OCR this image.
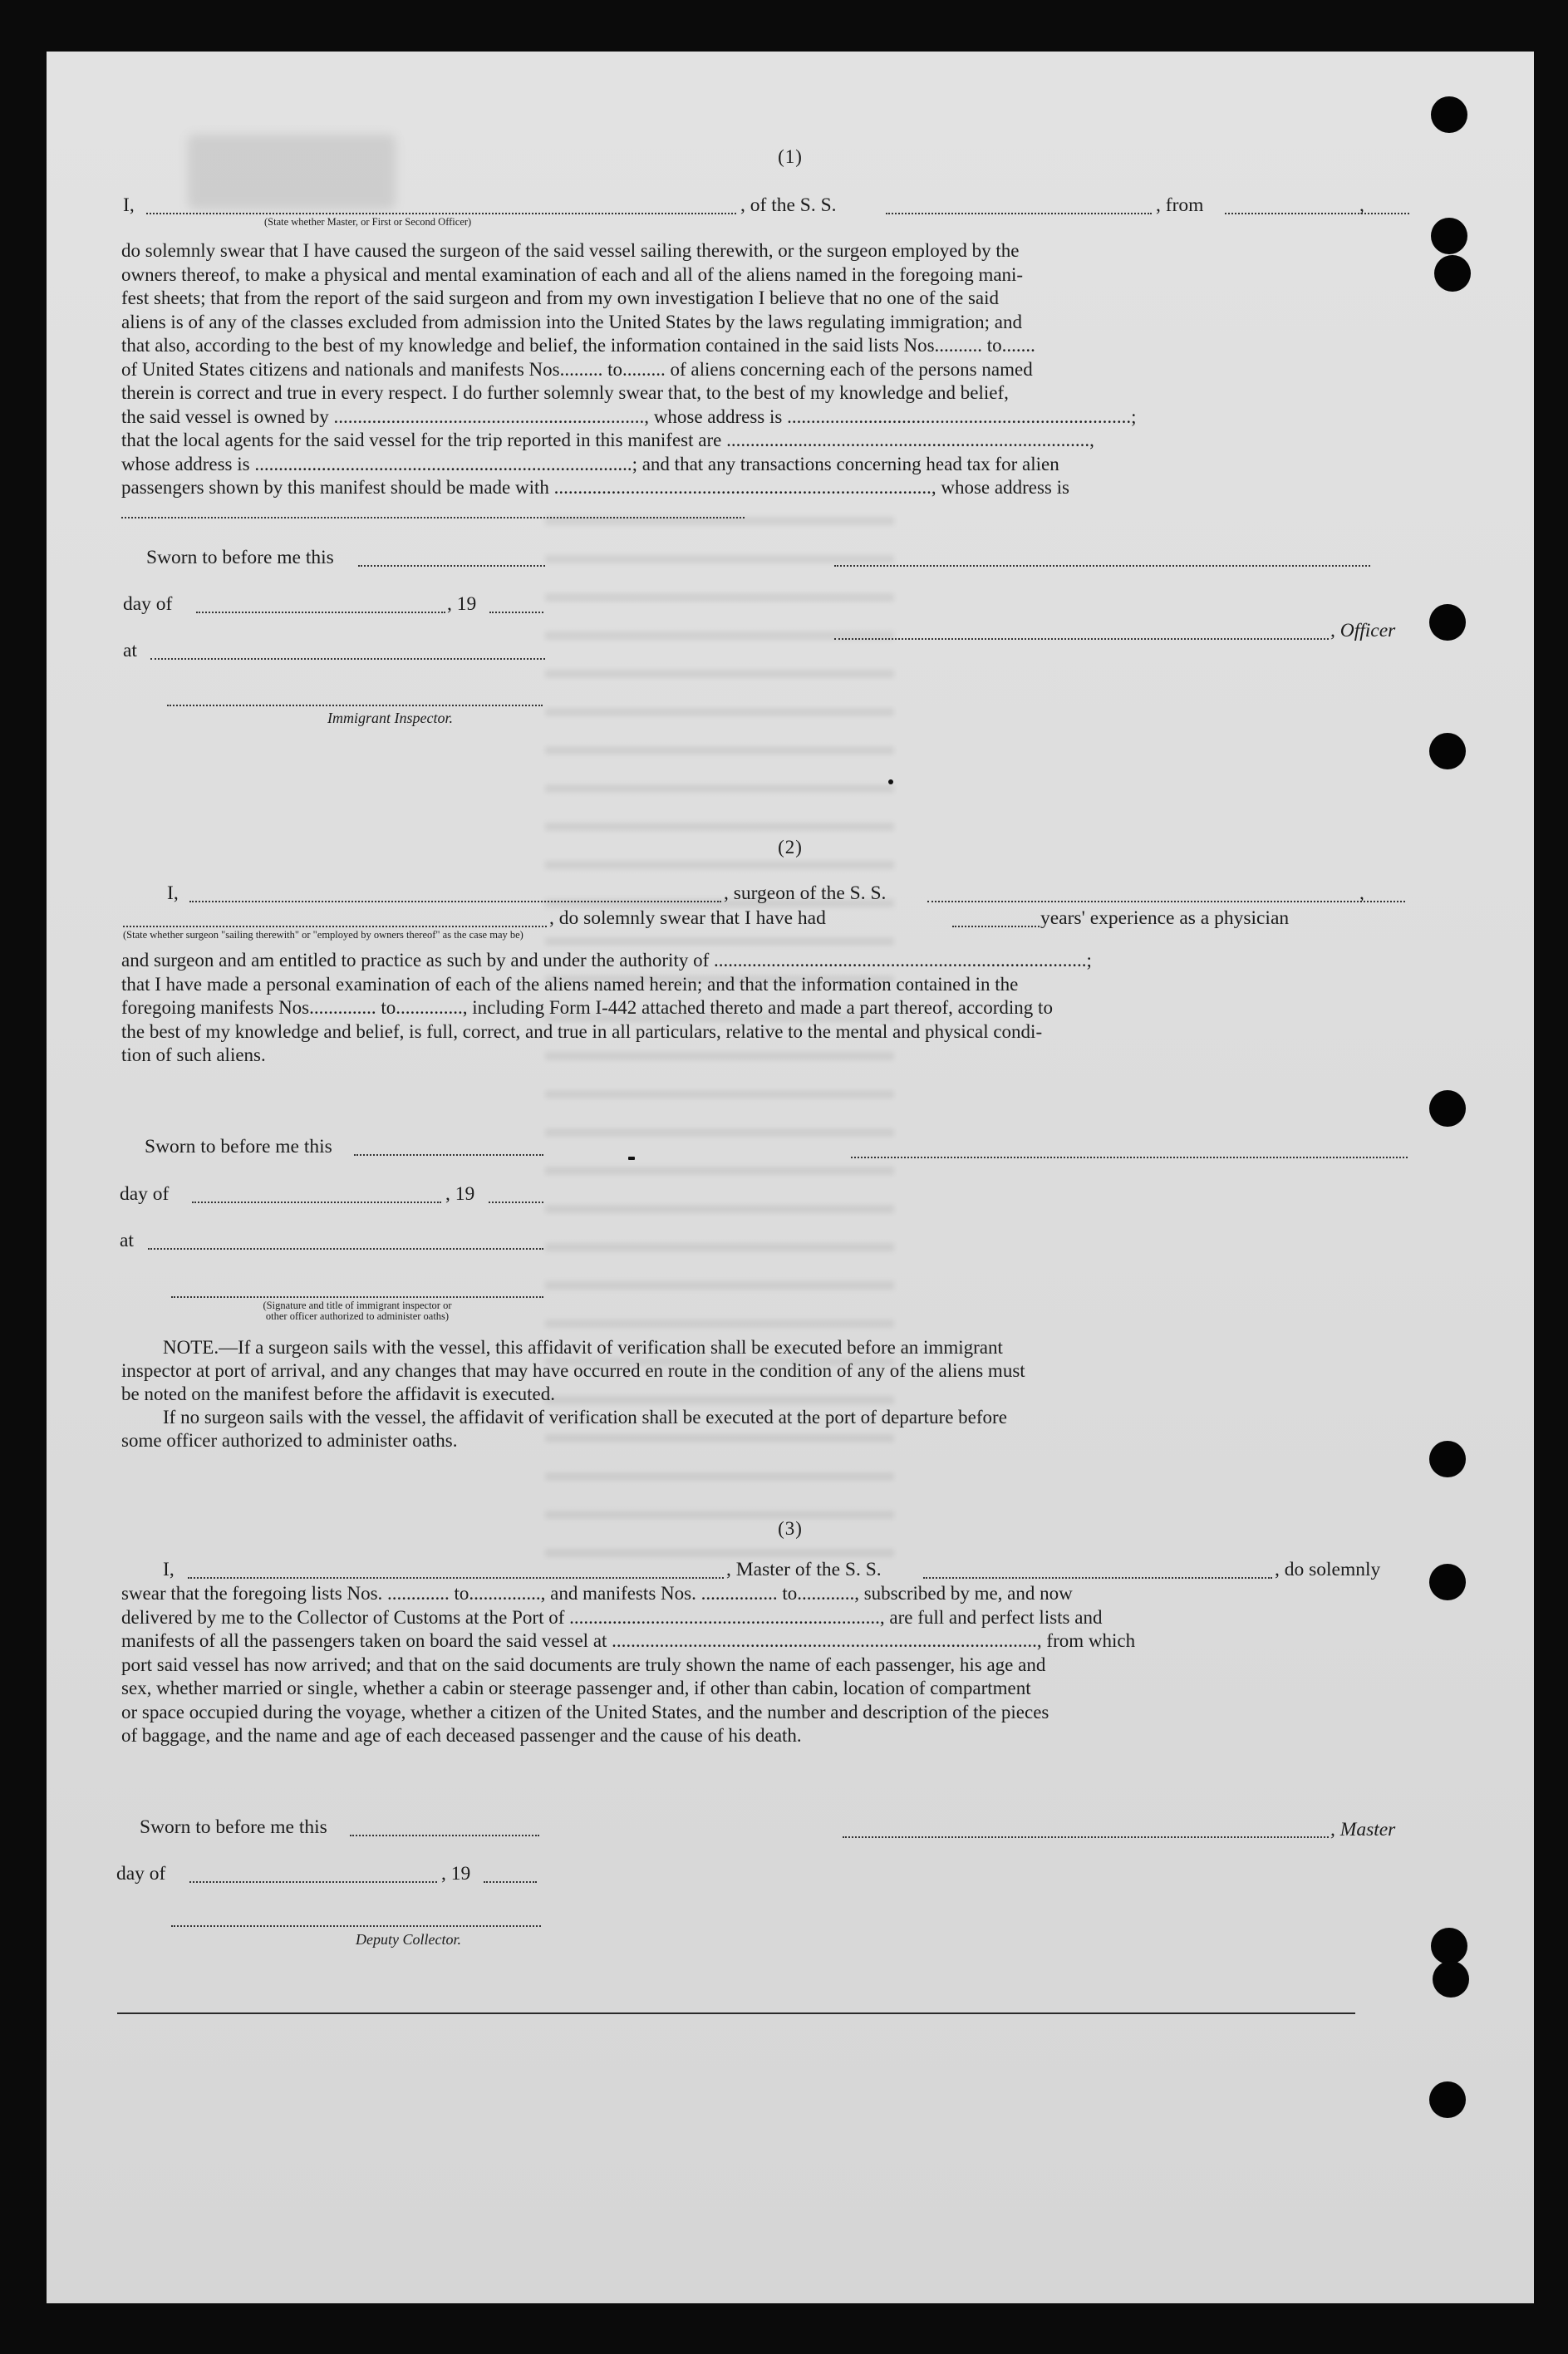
(1)
I,	, of the S. S.	, from	,
(State whether Master, or First or Second Officer)
do solemnly swear that I have caused the surgeon of the said vessel sailing therewith, or the surgeon employed by the
owners thereof, to make a physical and mental examination of each and all of the aliens named in the foregoing mani-
fest sheets; that from the report of the said surgeon and from my own investigation I believe that no one of the said
aliens is of any of the classes excluded from admission into the United States by the laws regulating immigration; and
that also, according to the best of my knowledge and belief, the information contained in the said lists Nos.......... to.......
of United States citizens and nationals and manifests Nos......... to......... of aliens concerning each of the persons named
therein is correct and true in every respect. I do further solemnly swear that, to the best of my knowledge and belief,
the said vessel is owned by ................................................................., whose address is ........................................................................;
that the local agents for the said vessel for the trip reported in this manifest are ............................................................................,
whose address is ...............................................................................; and that any transactions concerning head tax for alien
passengers shown by this manifest should be made with ..............................................................................., whose address is
Sworn to before me this
day of	, 19
, Officer
at
Immigrant Inspector.
(2)
I,	, surgeon of the S. S.	,
, do solemnly swear that I have had	years' experience as a physician
(State whether surgeon "sailing therewith" or "employed by owners thereof" as the case may be)
and surgeon and am entitled to practice as such by and under the authority of ..............................................................................;
that I have made a personal examination of each of the aliens named herein; and that the information contained in the
foregoing manifests Nos.............. to.............., including Form I-442 attached thereto and made a part thereof, according to
the best of my knowledge and belief, is full, correct, and true in all particulars, relative to the mental and physical condi-
tion of such aliens.
Sworn to before me this
day of	, 19
at
(Signature and title of immigrant inspector or
other officer authorized to administer oaths)
NOTE.—If a surgeon sails with the vessel, this affidavit of verification shall be executed before an immigrant
inspector at port of arrival, and any changes that may have occurred en route in the condition of any of the aliens must
be noted on the manifest before the affidavit is executed.
If no surgeon sails with the vessel, the affidavit of verification shall be executed at the port of departure before
some officer authorized to administer oaths.
(3)
I,	, Master of the S. S.	, do solemnly
swear that the foregoing lists Nos. ............. to..............., and manifests Nos. ................ to............, subscribed by me, and now
delivered by me to the Collector of Customs at the Port of ................................................................., are full and perfect lists and
manifests of all the passengers taken on board the said vessel at ........................................................................................., from which
port said vessel has now arrived; and that on the said documents are truly shown the name of each passenger, his age and
sex, whether married or single, whether a cabin or steerage passenger and, if other than cabin, location of compartment
or space occupied during the voyage, whether a citizen of the United States, and the number and description of the pieces
of baggage, and the name and age of each deceased passenger and the cause of his death.
Sworn to before me this	, Master
day of	, 19
Deputy Collector.
